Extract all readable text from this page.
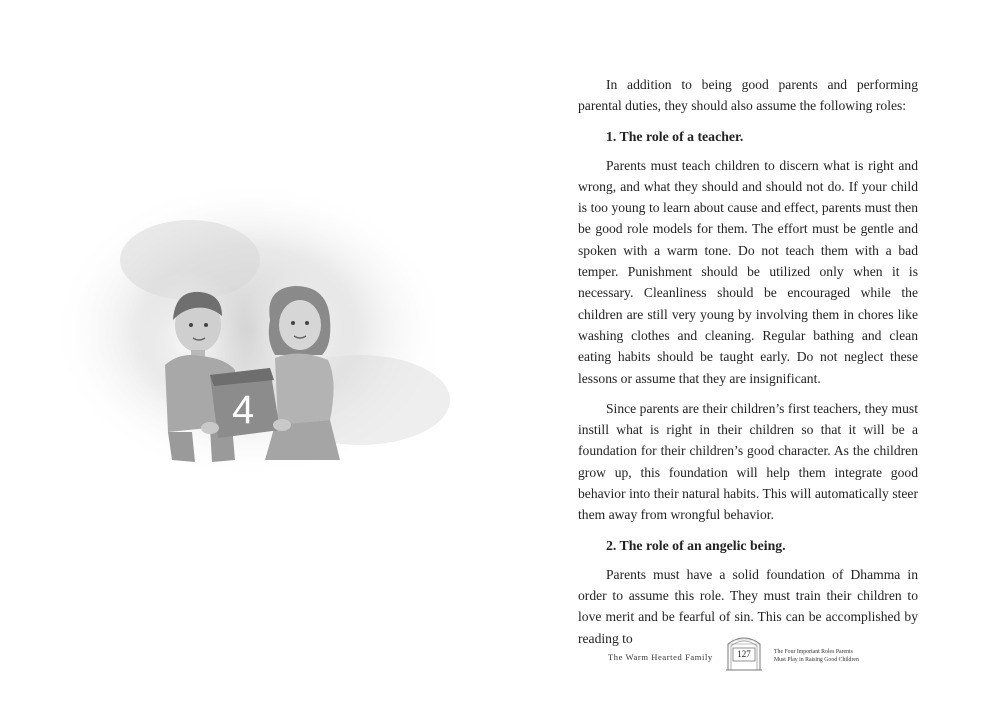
4

In addition to being good parents and performing parental duties, they should also assume the following roles:

1. The role of a teacher.

Parents must teach children to discern what is right and wrong, and what they should and should not do. If your child is too young to learn about cause and effect, parents must then be good role models for them. The effort must be gentle and spoken with a warm tone. Do not teach them with a bad temper. Punishment should be utilized only when it is necessary. Cleanliness should be encouraged while the children are still very young by involving them in chores like washing clothes and cleaning. Regular bathing and clean eating habits should be taught early. Do not neglect these lessons or assume that they are insignificant.

Since parents are their children’s first teachers, they must instill what is right in their children so that it will be a foundation for their children’s good character. As the children grow up, this foundation will help them integrate good behavior into their natural habits. This will automatically steer them away from wrongful behavior.

2. The role of an angelic being.

Parents must have a solid foundation of Dhamma in order to assume this role. They must train their children to love merit and be fearful of sin. This can be accomplished by reading to

The Warm Hearted Family	127	The Four Important Roles Parents
Must Play in Raising Good Children
